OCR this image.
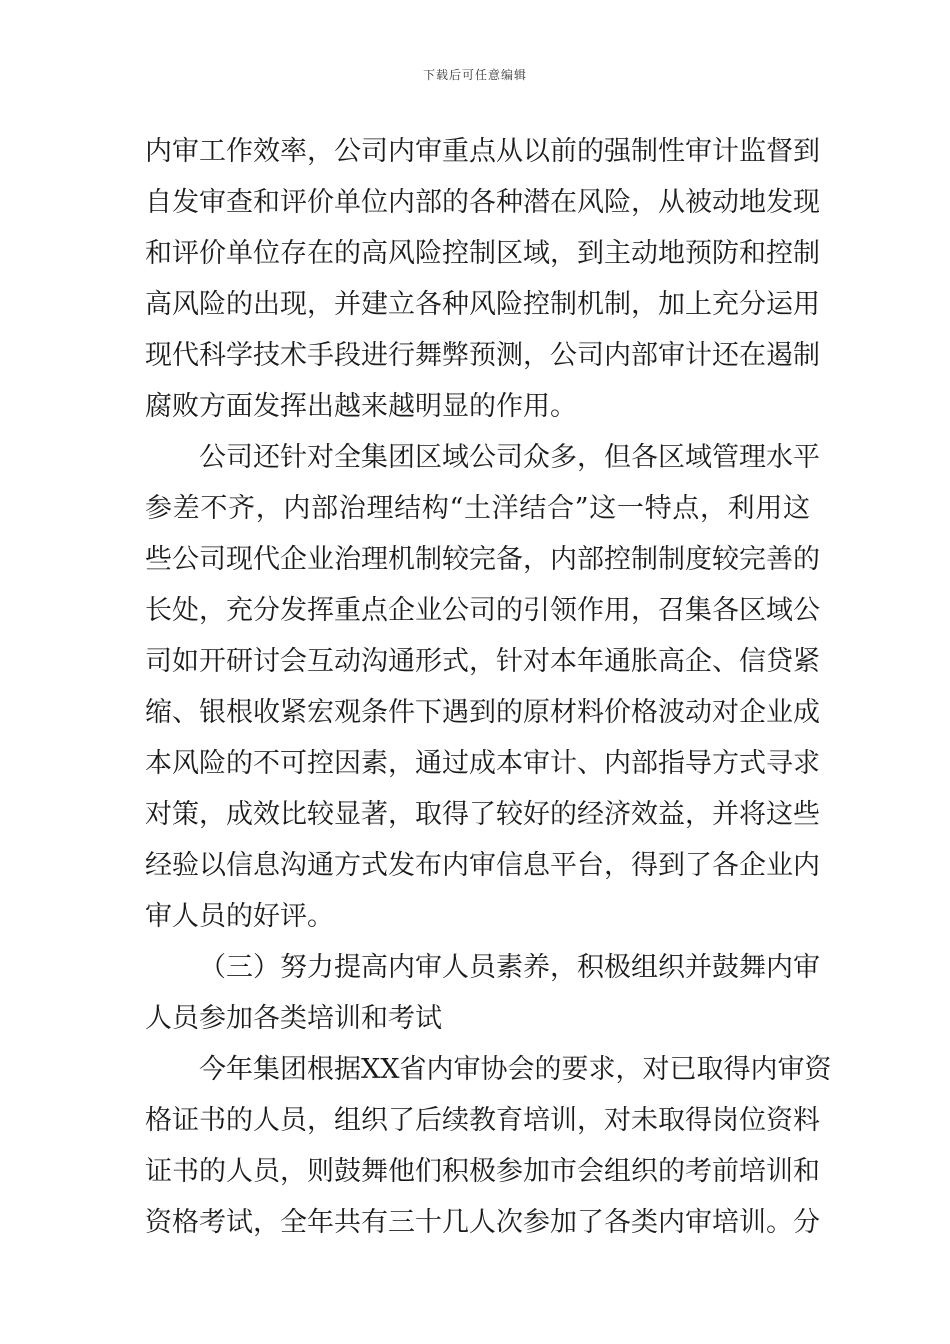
下载后可任意编辑
内审工作效率，公司内审重点从以前的强制性审计监督到
自发审查和评价单位内部的各种潜在风险，从被动地发现
和评价单位存在的高风险控制区域，到主动地预防和控制
高风险的出现，并建立各种风险控制机制，加上充分运用
现代科学技术手段进行舞弊预测，公司内部审计还在遏制
腐败方面发挥出越来越明显的作用。
公司还针对全集团区域公司众多，但各区域管理水平
参差不齐，内部治理结构“土洋结合”这一特点，利用这
些公司现代企业治理机制较完备，内部控制制度较完善的
长处，充分发挥重点企业公司的引领作用，召集各区域公
司如开研讨会互动沟通形式，针对本年通胀高企、信贷紧
缩、银根收紧宏观条件下遇到的原材料价格波动对企业成
本风险的不可控因素，通过成本审计、内部指导方式寻求
对策，成效比较显著，取得了较好的经济效益，并将这些
经验以信息沟通方式发布内审信息平台，得到了各企业内
审人员的好评。
（三）努力提高内审人员素养，积极组织并鼓舞内审
人员参加各类培训和考试
今年集团根据XX省内审协会的要求，对已取得内审资
格证书的人员，组织了后续教育培训，对未取得岗位资料
证书的人员，则鼓舞他们积极参加市会组织的考前培训和
资格考试，全年共有三十几人次参加了各类内审培训。分
